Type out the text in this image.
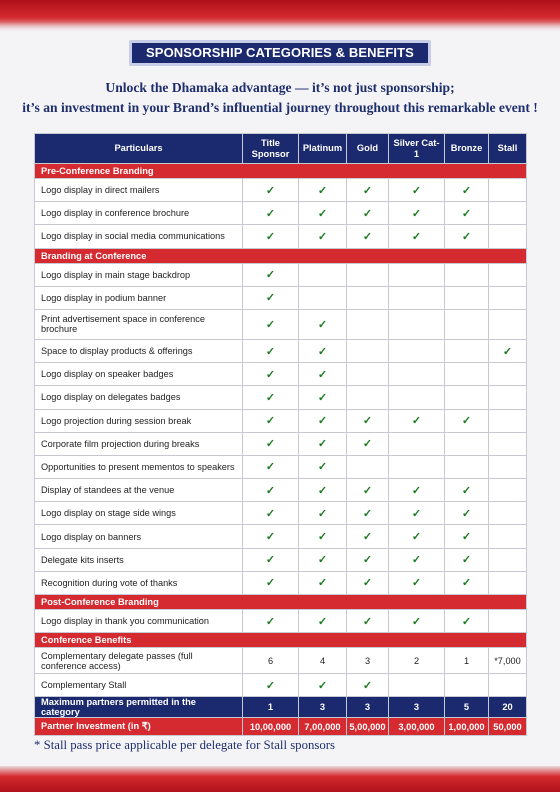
SPONSORSHIP CATEGORIES & BENEFITS
Unlock the Dhamaka advantage — it’s not just sponsorship;
it’s an investment in your Brand’s influential journey throughout this remarkable event !
Particulars	Title Sponsor	Platinum	Gold	Silver Cat-1	Bronze	Stall
Pre-Conference Branding						
Logo display in direct mailers	✓	✓	✓	✓	✓	
Logo display in conference brochure	✓	✓	✓	✓	✓	
Logo display in social media communications	✓	✓	✓	✓	✓	
Branding at Conference						
Logo display in main stage backdrop	✓					
Logo display in podium banner	✓					
Print advertisement space in conference brochure	✓	✓				
Space to display products & offerings	✓	✓				✓
Logo display on speaker badges	✓	✓				
Logo display on delegates badges	✓	✓				
Logo projection during session break	✓	✓	✓	✓	✓	
Corporate film projection during breaks	✓	✓	✓			
Opportunities to present mementos to speakers	✓	✓				
Display of standees at the venue	✓	✓	✓	✓	✓	
Logo display on stage side wings	✓	✓	✓	✓	✓	
Logo display on banners	✓	✓	✓	✓	✓	
Delegate kits inserts	✓	✓	✓	✓	✓	
Recognition during vote of thanks	✓	✓	✓	✓	✓	
Post-Conference Branding						
Logo display in thank you communication	✓	✓	✓	✓	✓	
Conference Benefits						
Complementary delegate passes (full conference access)	6	4	3	2	1	*7,000
Complementary Stall	✓	✓	✓			
Maximum partners permitted in the category	1	3	3	3	5	20
Partner Investment (in ₹)	10,00,000	7,00,000	5,00,000	3,00,000	1,00,000	50,000
* Stall pass price applicable per delegate for Stall sponsors
